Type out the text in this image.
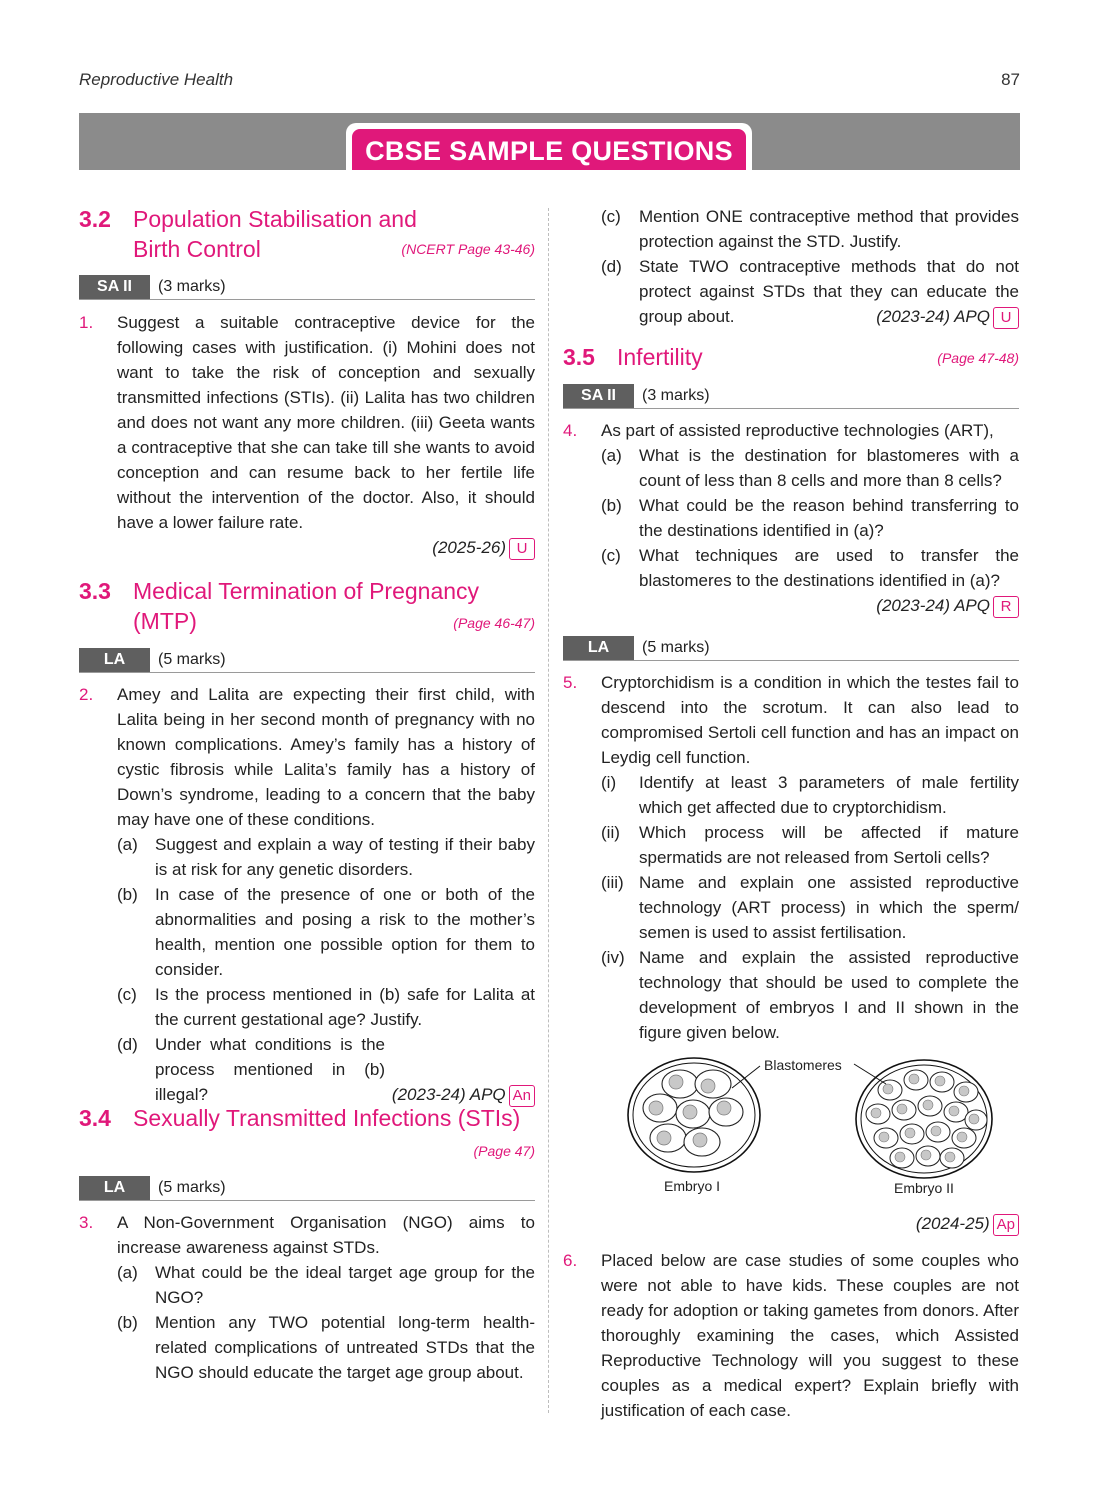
Reproductive Health	87
CBSE SAMPLE QUESTIONS
3.2 Population Stabilisation and
Birth Control	(NCERT Page 43-46)
SA II	(3 marks)
1. Suggest a suitable contraceptive device for the following cases with justification. (i) Mohini does not want to take the risk of conception and sexually transmitted infections (STIs). (ii) Lalita has two children and does not want any more children. (iii) Geeta wants a contraceptive that she can take till she wants to avoid conception and can resume back to her fertile life without the intervention of the doctor. Also, it should have a lower failure rate.

(2025-26) U
3.3 Medical Termination of Pregnancy (MTP)	(Page 46-47)
LA	(5 marks)
2. Amey and Lalita are expecting their first child, with Lalita being in her second month of pregnancy with no known complications. Amey’s family has a history of cystic fibrosis while Lalita’s family has a history of Down’s syndrome, leading to a concern that the baby may have one of these conditions.

(a) Suggest and explain a way of testing if their baby is at risk for any genetic disorders.
(b) In case of the presence of one or both of the abnormalities and posing a risk to the mother’s health, mention one possible option for them to consider.
(c) Is the process mentioned in (b) safe for Lalita at the current gestational age? Justify.
(d) Under what conditions is the process mentioned in (b) illegal?	(2023-24) APQ An
3.4 Sexually Transmitted Infections (STIs)
(Page 47)
LA	(5 marks)
3. A Non-Government Organisation (NGO) aims to increase awareness against STDs.

(a) What could be the ideal target age group for the NGO?
(b) Mention any TWO potential long-term health-related complications of untreated STDs that the NGO should educate the target age group about.
(c) Mention ONE contraceptive method that provides protection against the STD. Justify.
(d) State TWO contraceptive methods that do not protect against STDs that they can educate the group about.	(2023-24) APQ U
3.5 Infertility	(Page 47-48)
SA II	(3 marks)
4. As part of assisted reproductive technologies (ART),

(a) What is the destination for blastomeres with a count of less than 8 cells and more than 8 cells?
(b) What could be the reason behind transferring to the destinations identified in (a)?
(c) What techniques are used to transfer the blastomeres to the destinations identified in (a)?
(2023-24) APQ R
LA	(5 marks)
5. Cryptorchidism is a condition in which the testes fail to descend into the scrotum. It can also lead to compromised Sertoli cell function and has an impact on Leydig cell function.

(i) Identify at least 3 parameters of male fertility which get affected due to cryptorchidism.
(ii) Which process will be affected if mature spermatids are not released from Sertoli cells?
(iii) Name and explain one assisted reproductive technology (ART process) in which the sperm/ semen is used to assist fertilisation.
(iv) Name and explain the assisted reproductive technology that should be used to complete the development of embryos I and II shown in the figure given below.
Blastomeres
Embryo I	Embryo II
(2024-25) Ap
6. Placed below are case studies of some couples who were not able to have kids. These couples are not ready for adoption or taking gametes from donors. After thoroughly examining the cases, which Assisted Reproductive Technology will you suggest to these couples as a medical expert? Explain briefly with justification of each case.
